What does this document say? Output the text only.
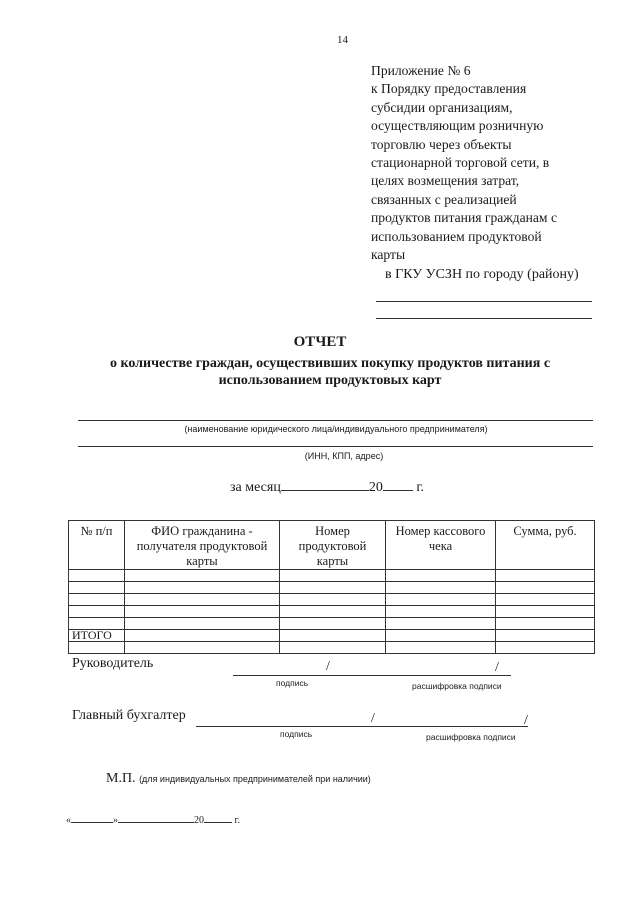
14
Приложение № 6
к Порядку предоставления
субсидии организациям,
осуществляющим розничную
торговлю через объекты
стационарной торговой сети, в
целях возмещения затрат,
связанных с реализацией
продуктов питания гражданам с
использованием продуктовой
карты
в ГКУ УСЗН по городу (району)
ОТЧЕТ
о количестве граждан, осуществивших покупку продуктов питания с использованием продуктовых карт
(наименование юридического лица/индивидуального предпринимателя)
(ИНН, КПП, адрес)
за месяц	20 г.
№ п/п	ФИО гражданина - получателя продуктовой карты	Номер продуктовой карты	Номер кассового чека	Сумма, руб.

ИТОГО				

Руководитель	/	/
подпись	расшифровка подписи
Главный бухгалтер	/	/
подпись	расшифровка подписи
М.П. (для индивидуальных предпринимателей при наличии)
«	»	20	г.
